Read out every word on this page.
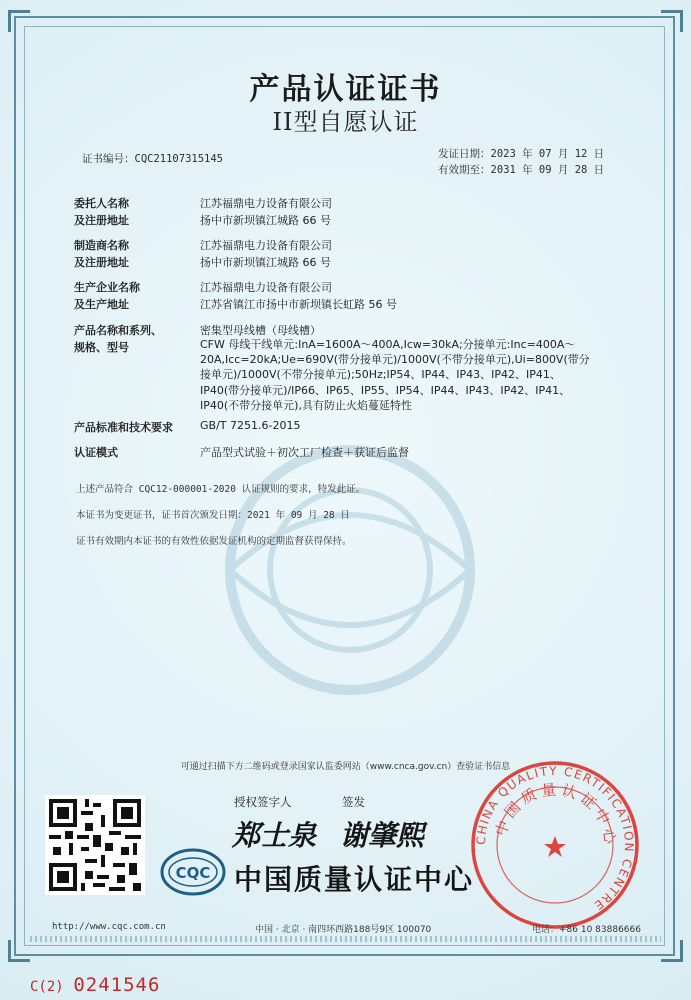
产品认证证书
II型自愿认证
证书编号：CQC21107315145	发证日期：2023 年 07 月 12 日
有效期至：2031 年 09 月 28 日
委托人名称	江苏福鼎电力设备有限公司
及注册地址	扬中市新坝镇江城路 66 号
制造商名称	江苏福鼎电力设备有限公司
及注册地址	扬中市新坝镇江城路 66 号
生产企业名称	江苏福鼎电力设备有限公司
及生产地址	江苏省镇江市扬中市新坝镇长虹路 56 号
产品名称和系列、	密集型母线槽（母线槽）
规格、型号	CFW 母线干线单元:InA=1600A～400A,Icw=30kA;分接单元:Inc=400A～20A,Icc=20kA;Ue=690V(带分接单元)/1000V(不带分接单元),Ui=800V(带分接单元)/1000V(不带分接单元);50Hz;IP54、IP44、IP43、IP42、IP41、IP40(带分接单元)/IP66、IP65、IP55、IP54、IP44、IP43、IP42、IP41、IP40(不带分接单元),具有防止火焰蔓延特性
产品标准和技术要求 GB/T 7251.6-2015
认证模式	产品型式试验＋初次工厂检查＋获证后监督
上述产品符合 CQC12-000001-2020 认证规则的要求，特发此证。
本证书为变更证书，证书首次颁发日期：2021 年 09 月 28 日
证书有效期内本证书的有效性依据发证机构的定期监督获得保持。
可通过扫描下方二维码或登录国家认监委网站（www.cnca.gov.cn）查验证书信息
授权签字人	签发
郑士泉 谢肇熙
CQC 中国质量认证中心
CHINA QUALITY CERTIFICATION CENTRE
中国质量认证中心
http://www.cqc.com.cn	中国 · 北京 · 南四环西路188号9区 100070	电话：+86 10 83886666
C(2) 0241546
